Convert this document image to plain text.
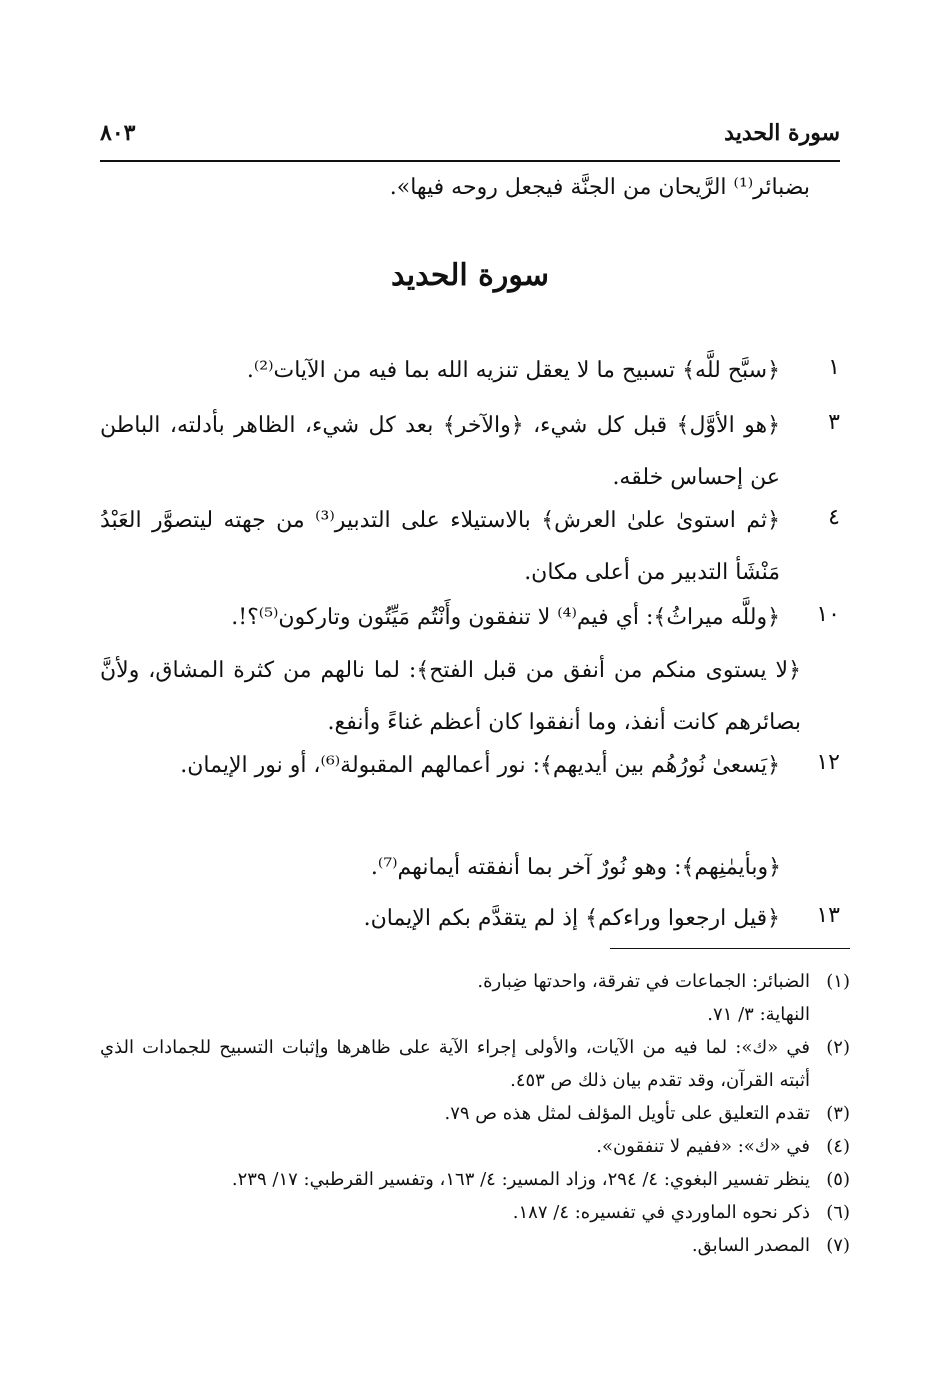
سورة الحديد
٨٠٣
بضبائر⁽¹⁾ الرَّيحان من الجنَّة فيجعل روحه فيها».
سورة الحديد
١
﴿سبَّح للَّه﴾ تسبيح ما لا يعقل تنزيه الله بما فيه من الآيات⁽²⁾.
٣
﴿هو الأوَّل﴾ قبل كل شيء، ﴿والآخر﴾ بعد كل شيء، الظاهر بأدلته، الباطن عن إحساس خلقه.
٤
﴿ثم استوىٰ علىٰ العرش﴾ بالاستيلاء على التدبير⁽³⁾ من جهته ليتصوَّر العَبْدُ مَنْشَأ التدبير من أعلى مكان.
١٠
﴿وللَّه ميراثُ﴾: أي فيم⁽⁴⁾ لا تنفقون وأَنْتُم مَيِّتُون وتاركون⁽⁵⁾؟!.
﴿لا يستوى منكم من أنفق من قبل الفتح﴾: لما نالهم من كثرة المشاق، ولأنَّ بصائرهم كانت أنفذ، وما أنفقوا كان أعظم غناءً وأنفع.
١٢
﴿يَسعىٰ نُورُهُم بين أيديهم﴾: نور أعمالهم المقبولة⁽⁶⁾، أو نور الإيمان.
﴿وبأيمٰنِهم﴾: وهو نُورٌ آخر بما أنفقته أيمانهم⁽⁷⁾.
١٣
﴿قيل ارجعوا وراءكم﴾ إذ لم يتقدَّم بكم الإيمان.
(١)
الضبائر: الجماعات في تفرقة، واحدتها ضِبارة. النهاية: ٣/ ٧١.
(٢)
في «ك»: لما فيه من الآيات، والأولى إجراء الآية على ظاهرها وإثبات التسبيح للجمادات الذي أثبته القرآن، وقد تقدم بيان ذلك ص ٤٥٣.
(٣)
تقدم التعليق على تأويل المؤلف لمثل هذه ص ٧٩.
(٤)
في «ك»: «ففيم لا تنفقون».
(٥)
ينظر تفسير البغوي: ٤/ ٢٩٤، وزاد المسير: ٤/ ١٦٣، وتفسير القرطبي: ١٧/ ٢٣٩.
(٦)
ذكر نحوه الماوردي في تفسيره: ٤/ ١٨٧.
(٧)
المصدر السابق.
